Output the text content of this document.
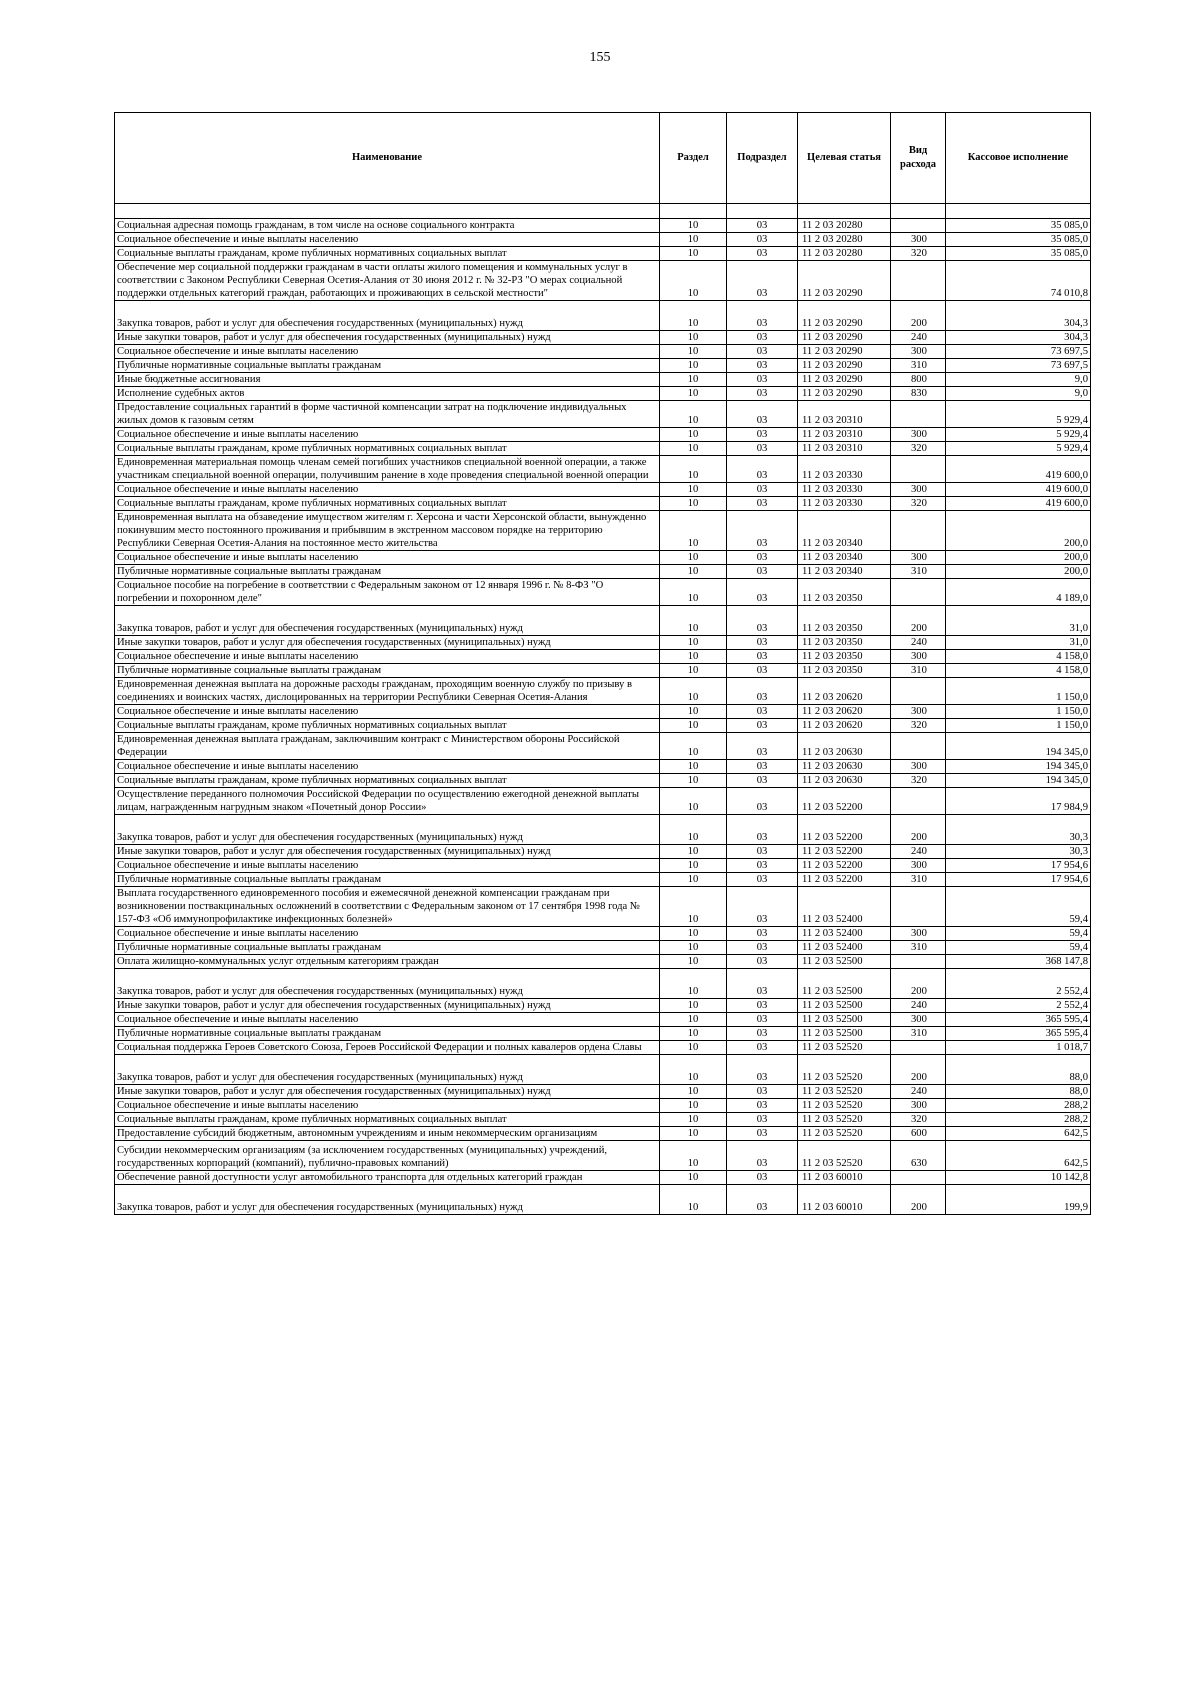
155
Наименование	Раздел	Подраздел	Целевая статья	Вид расхода	Кассовое исполнение

Социальная адресная помощь гражданам, в том числе на основе социального контракта	10	03	11 2 03 20280		35 085,0
Социальное обеспечение и иные выплаты населению	10	03	11 2 03 20280	300	35 085,0
Социальные выплаты гражданам, кроме публичных нормативных социальных выплат	10	03	11 2 03 20280	320	35 085,0
Обеспечение мер социальной поддержки гражданам в части оплаты жилого помещения и коммунальных услуг в соответствии с Законом Республики Северная Осетия-Алания от 30 июня 2012 г. № 32-РЗ "О мерах социальной поддержки отдельных категорий граждан, работающих и проживающих в сельской местности"	10	03	11 2 03 20290		74 010,8
Закупка товаров, работ и услуг для обеспечения государственных (муниципальных) нужд	10	03	11 2 03 20290	200	304,3
Иные закупки товаров, работ и услуг для обеспечения государственных (муниципальных) нужд	10	03	11 2 03 20290	240	304,3
Социальное обеспечение и иные выплаты населению	10	03	11 2 03 20290	300	73 697,5
Публичные нормативные социальные выплаты гражданам	10	03	11 2 03 20290	310	73 697,5
Иные бюджетные ассигнования	10	03	11 2 03 20290	800	9,0
Исполнение судебных актов	10	03	11 2 03 20290	830	9,0
Предоставление социальных гарантий в форме частичной компенсации затрат на подключение индивидуальных жилых домов к газовым сетям	10	03	11 2 03 20310		5 929,4
Социальное обеспечение и иные выплаты населению	10	03	11 2 03 20310	300	5 929,4
Социальные выплаты гражданам, кроме публичных нормативных социальных выплат	10	03	11 2 03 20310	320	5 929,4
Единовременная материальная помощь членам семей погибших участников специальной военной операции, а также участникам специальной военной операции, получившим ранение в ходе проведения специальной военной операции	10	03	11 2 03 20330		419 600,0
Социальное обеспечение и иные выплаты населению	10	03	11 2 03 20330	300	419 600,0
Социальные выплаты гражданам, кроме публичных нормативных социальных выплат	10	03	11 2 03 20330	320	419 600,0
Единовременная выплата на обзаведение имуществом жителям г. Херсона и части Херсонской области, вынужденно покинувшим место постоянного проживания и прибывшим в экстренном массовом порядке на территорию Республики Северная Осетия-Алания на постоянное место жительства	10	03	11 2 03 20340		200,0
Социальное обеспечение и иные выплаты населению	10	03	11 2 03 20340	300	200,0
Публичные нормативные социальные выплаты гражданам	10	03	11 2 03 20340	310	200,0
Социальное пособие на погребение в соответствии с Федеральным законом от 12 января 1996 г. № 8-ФЗ "О погребении и похоронном деле"	10	03	11 2 03 20350		4 189,0
Закупка товаров, работ и услуг для обеспечения государственных (муниципальных) нужд	10	03	11 2 03 20350	200	31,0
Иные закупки товаров, работ и услуг для обеспечения государственных (муниципальных) нужд	10	03	11 2 03 20350	240	31,0
Социальное обеспечение и иные выплаты населению	10	03	11 2 03 20350	300	4 158,0
Публичные нормативные социальные выплаты гражданам	10	03	11 2 03 20350	310	4 158,0
Единовременная денежная выплата на дорожные расходы гражданам, проходящим военную службу по призыву в соединениях и воинских частях, дислоцированных на территории Республики Северная Осетия-Алания	10	03	11 2 03 20620		1 150,0
Социальное обеспечение и иные выплаты населению	10	03	11 2 03 20620	300	1 150,0
Социальные выплаты гражданам, кроме публичных нормативных социальных выплат	10	03	11 2 03 20620	320	1 150,0
Единовременная денежная выплата гражданам, заключившим контракт с Министерством обороны Российской Федерации	10	03	11 2 03 20630		194 345,0
Социальное обеспечение и иные выплаты населению	10	03	11 2 03 20630	300	194 345,0
Социальные выплаты гражданам, кроме публичных нормативных социальных выплат	10	03	11 2 03 20630	320	194 345,0
Осуществление переданного полномочия Российской Федерации по осуществлению ежегодной денежной выплаты лицам, награжденным нагрудным знаком «Почетный донор России»	10	03	11 2 03 52200		17 984,9
Закупка товаров, работ и услуг для обеспечения государственных (муниципальных) нужд	10	03	11 2 03 52200	200	30,3
Иные закупки товаров, работ и услуг для обеспечения государственных (муниципальных) нужд	10	03	11 2 03 52200	240	30,3
Социальное обеспечение и иные выплаты населению	10	03	11 2 03 52200	300	17 954,6
Публичные нормативные социальные выплаты гражданам	10	03	11 2 03 52200	310	17 954,6
Выплата государственного единовременного пособия и ежемесячной денежной компенсации гражданам при возникновении поствакцинальных осложнений в соответствии с Федеральным законом от 17 сентября 1998 года № 157-ФЗ «Об иммунопрофилактике инфекционных болезней»	10	03	11 2 03 52400		59,4
Социальное обеспечение и иные выплаты населению	10	03	11 2 03 52400	300	59,4
Публичные нормативные социальные выплаты гражданам	10	03	11 2 03 52400	310	59,4
Оплата жилищно-коммунальных услуг отдельным категориям граждан	10	03	11 2 03 52500		368 147,8
Закупка товаров, работ и услуг для обеспечения государственных (муниципальных) нужд	10	03	11 2 03 52500	200	2 552,4
Иные закупки товаров, работ и услуг для обеспечения государственных (муниципальных) нужд	10	03	11 2 03 52500	240	2 552,4
Социальное обеспечение и иные выплаты населению	10	03	11 2 03 52500	300	365 595,4
Публичные нормативные социальные выплаты гражданам	10	03	11 2 03 52500	310	365 595,4
Социальная поддержка Героев Советского Союза, Героев Российской Федерации и полных кавалеров ордена Славы	10	03	11 2 03 52520		1 018,7
Закупка товаров, работ и услуг для обеспечения государственных (муниципальных) нужд	10	03	11 2 03 52520	200	88,0
Иные закупки товаров, работ и услуг для обеспечения государственных (муниципальных) нужд	10	03	11 2 03 52520	240	88,0
Социальное обеспечение и иные выплаты населению	10	03	11 2 03 52520	300	288,2
Социальные выплаты гражданам, кроме публичных нормативных социальных выплат	10	03	11 2 03 52520	320	288,2
Предоставление субсидий бюджетным, автономным учреждениям и иным некоммерческим организациям	10	03	11 2 03 52520	600	642,5
Субсидии некоммерческим организациям (за исключением государственных (муниципальных) учреждений, государственных корпораций (компаний), публично-правовых компаний)	10	03	11 2 03 52520	630	642,5
Обеспечение равной доступности услуг автомобильного транспорта для отдельных категорий граждан	10	03	11 2 03 60010		10 142,8
Закупка товаров, работ и услуг для обеспечения государственных (муниципальных) нужд	10	03	11 2 03 60010	200	199,9
